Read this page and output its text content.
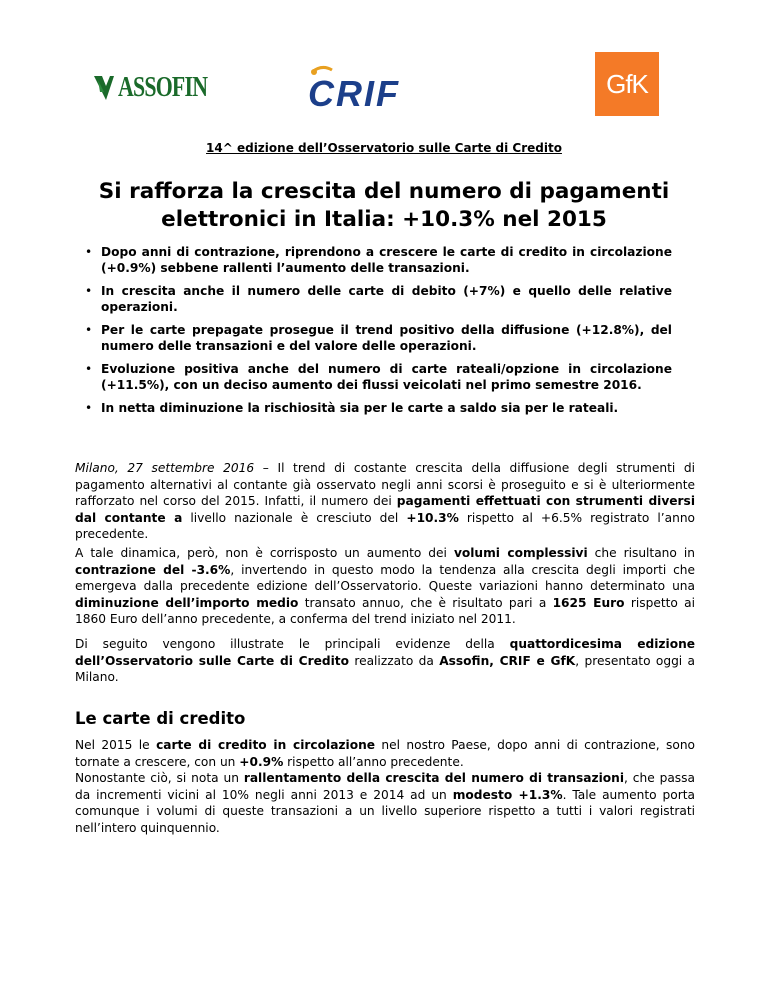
ASSOFIN	CRIF	GfK
14^ edizione dell’Osservatorio sulle Carte di Credito
Si rafforza la crescita del numero di pagamenti
elettronici in Italia: +10.3% nel 2015
• Dopo anni di contrazione, riprendono a crescere le carte di credito in circolazione (+0.9%) sebbene rallenti l’aumento delle transazioni.
• In crescita anche il numero delle carte di debito (+7%) e quello delle relative operazioni.
• Per le carte prepagate prosegue il trend positivo della diffusione (+12.8%), del numero delle transazioni e del valore delle operazioni.
• Evoluzione positiva anche del numero di carte rateali/opzione in circolazione (+11.5%), con un deciso aumento dei flussi veicolati nel primo semestre 2016.
• In netta diminuzione la rischiosità sia per le carte a saldo sia per le rateali.

Milano, 27 settembre 2016 – Il trend di costante crescita della diffusione degli strumenti di pagamento alternativi al contante già osservato negli anni scorsi è proseguito e si è ulteriormente rafforzato nel corso del 2015. Infatti, il numero dei pagamenti effettuati con strumenti diversi dal contante a livello nazionale è cresciuto del +10.3% rispetto al +6.5% registrato l’anno precedente.

A tale dinamica, però, non è corrisposto un aumento dei volumi complessivi che risultano in contrazione del -3.6%, invertendo in questo modo la tendenza alla crescita degli importi che emergeva dalla precedente edizione dell’Osservatorio. Queste variazioni hanno determinato una diminuzione dell’importo medio transato annuo, che è risultato pari a 1625 Euro rispetto ai 1860 Euro dell’anno precedente, a conferma del trend iniziato nel 2011.

Di seguito vengono illustrate le principali evidenze della quattordicesima edizione dell’Osservatorio sulle Carte di Credito realizzato da Assofin, CRIF e GfK, presentato oggi a Milano.

Le carte di credito

Nel 2015 le carte di credito in circolazione nel nostro Paese, dopo anni di contrazione, sono tornate a crescere, con un +0.9% rispetto all’anno precedente.
Nonostante ciò, si nota un rallentamento della crescita del numero di transazioni, che passa da incrementi vicini al 10% negli anni 2013 e 2014 ad un modesto +1.3%. Tale aumento porta comunque i volumi di queste transazioni a un livello superiore rispetto a tutti i valori registrati nell’intero quinquennio.
